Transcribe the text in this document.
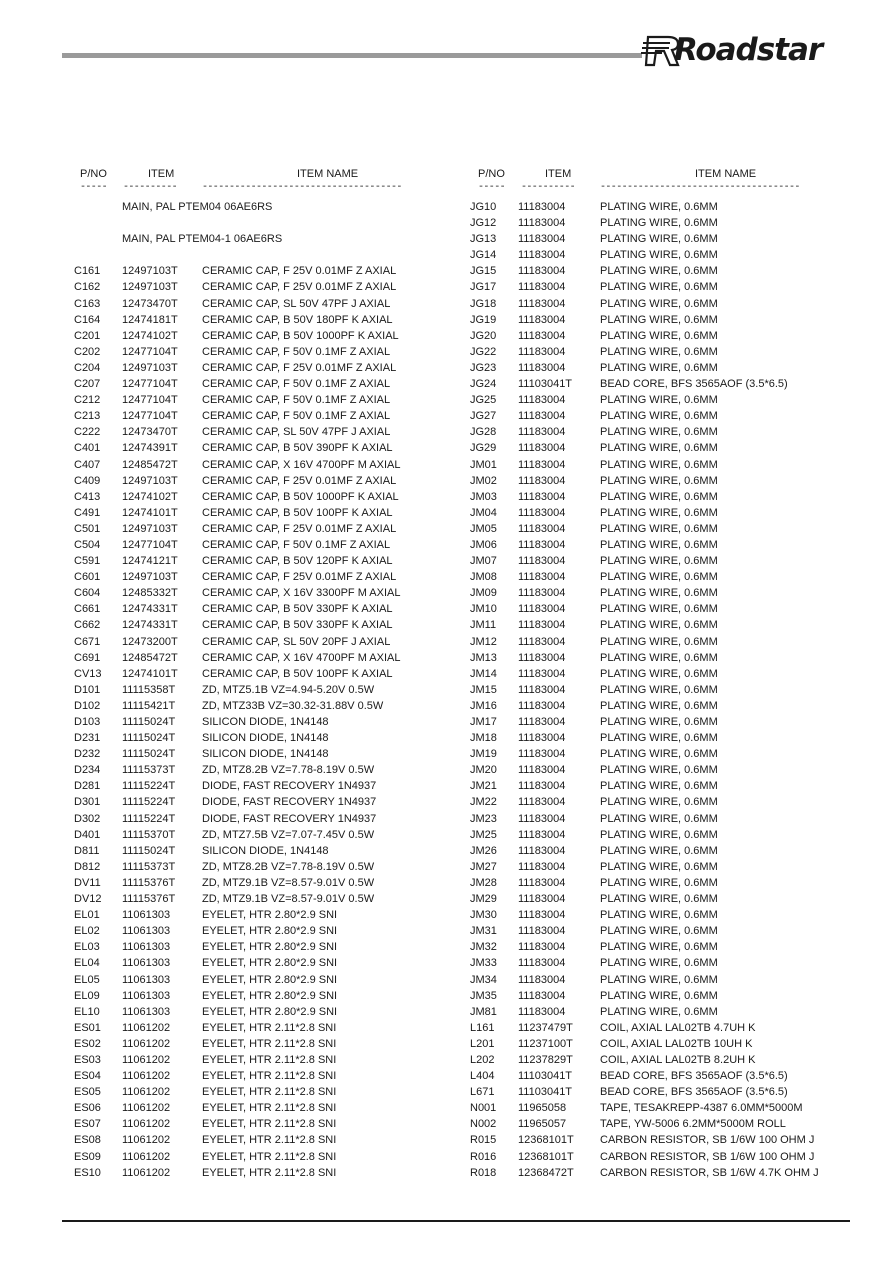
Roadstar
P/NO	ITEM	ITEM NAME
-----	----------	-------------------------------------
P/NO	ITEM	ITEM NAME
-----	----------	-------------------------------------
MAIN, PAL PTEM04 06AE6RS
MAIN, PAL PTEM04-1 06AE6RS
C161 12497103T CERAMIC CAP, F 25V 0.01MF Z AXIAL
C162 12497103T CERAMIC CAP, F 25V 0.01MF Z AXIAL
C163 12473470T CERAMIC CAP, SL 50V 47PF J AXIAL
C164 12474181T CERAMIC CAP, B 50V 180PF K AXIAL
C201 12474102T CERAMIC CAP, B 50V 1000PF K AXIAL
C202 12477104T CERAMIC CAP, F 50V 0.1MF Z AXIAL
C204 12497103T CERAMIC CAP, F 25V 0.01MF Z AXIAL
C207 12477104T CERAMIC CAP, F 50V 0.1MF Z AXIAL
C212 12477104T CERAMIC CAP, F 50V 0.1MF Z AXIAL
C213 12477104T CERAMIC CAP, F 50V 0.1MF Z AXIAL
C222 12473470T CERAMIC CAP, SL 50V 47PF J AXIAL
C401 12474391T CERAMIC CAP, B 50V 390PF K AXIAL
C407 12485472T CERAMIC CAP, X 16V 4700PF M AXIAL
C409 12497103T CERAMIC CAP, F 25V 0.01MF Z AXIAL
C413 12474102T CERAMIC CAP, B 50V 1000PF K AXIAL
C491 12474101T CERAMIC CAP, B 50V 100PF K AXIAL
C501 12497103T CERAMIC CAP, F 25V 0.01MF Z AXIAL
C504 12477104T CERAMIC CAP, F 50V 0.1MF Z AXIAL
C591 12474121T CERAMIC CAP, B 50V 120PF K AXIAL
C601 12497103T CERAMIC CAP, F 25V 0.01MF Z AXIAL
C604 12485332T CERAMIC CAP, X 16V 3300PF M AXIAL
C661 12474331T CERAMIC CAP, B 50V 330PF K AXIAL
C662 12474331T CERAMIC CAP, B 50V 330PF K AXIAL
C671 12473200T CERAMIC CAP, SL 50V 20PF J AXIAL
C691 12485472T CERAMIC CAP, X 16V 4700PF M AXIAL
CV13 12474101T CERAMIC CAP, B 50V 100PF K AXIAL
D101 11115358T ZD, MTZ5.1B VZ=4.94-5.20V 0.5W
D102 11115421T ZD, MTZ33B VZ=30.32-31.88V 0.5W
D103 11115024T SILICON DIODE, 1N4148
D231 11115024T SILICON DIODE, 1N4148
D232 11115024T SILICON DIODE, 1N4148
D234 11115373T ZD, MTZ8.2B VZ=7.78-8.19V 0.5W
D281 11115224T DIODE, FAST RECOVERY 1N4937
D301 11115224T DIODE, FAST RECOVERY 1N4937
D302 11115224T DIODE, FAST RECOVERY 1N4937
D401 11115370T ZD, MTZ7.5B VZ=7.07-7.45V 0.5W
D811 11115024T SILICON DIODE, 1N4148
D812 11115373T ZD, MTZ8.2B VZ=7.78-8.19V 0.5W
DV11 11115376T ZD, MTZ9.1B VZ=8.57-9.01V 0.5W
DV12 11115376T ZD, MTZ9.1B VZ=8.57-9.01V 0.5W
EL01 11061303	EYELET, HTR 2.80*2.9 SNI
EL02 11061303	EYELET, HTR 2.80*2.9 SNI
EL03 11061303	EYELET, HTR 2.80*2.9 SNI
EL04 11061303	EYELET, HTR 2.80*2.9 SNI
EL05 11061303	EYELET, HTR 2.80*2.9 SNI
EL09 11061303	EYELET, HTR 2.80*2.9 SNI
EL10 11061303	EYELET, HTR 2.80*2.9 SNI
ES01 11061202	EYELET, HTR 2.11*2.8 SNI
ES02 11061202	EYELET, HTR 2.11*2.8 SNI
ES03 11061202	EYELET, HTR 2.11*2.8 SNI
ES04 11061202	EYELET, HTR 2.11*2.8 SNI
ES05 11061202	EYELET, HTR 2.11*2.8 SNI
ES06 11061202	EYELET, HTR 2.11*2.8 SNI
ES07 11061202	EYELET, HTR 2.11*2.8 SNI
ES08 11061202	EYELET, HTR 2.11*2.8 SNI
ES09 11061202	EYELET, HTR 2.11*2.8 SNI
ES10 11061202	EYELET, HTR 2.11*2.8 SNI
JG10 11183004	PLATING WIRE, 0.6MM
JG12 11183004	PLATING WIRE, 0.6MM
JG13 11183004	PLATING WIRE, 0.6MM
JG14 11183004	PLATING WIRE, 0.6MM
JG15 11183004	PLATING WIRE, 0.6MM
JG17 11183004	PLATING WIRE, 0.6MM
JG18 11183004	PLATING WIRE, 0.6MM
JG19 11183004	PLATING WIRE, 0.6MM
JG20 11183004	PLATING WIRE, 0.6MM
JG22 11183004	PLATING WIRE, 0.6MM
JG23 11183004	PLATING WIRE, 0.6MM
JG24 11103041T	BEAD CORE, BFS 3565AOF (3.5*6.5)
JG25 11183004	PLATING WIRE, 0.6MM
JG27 11183004	PLATING WIRE, 0.6MM
JG28 11183004	PLATING WIRE, 0.6MM
JG29 11183004	PLATING WIRE, 0.6MM
JM01 11183004	PLATING WIRE, 0.6MM
JM02 11183004	PLATING WIRE, 0.6MM
JM03 11183004	PLATING WIRE, 0.6MM
JM04 11183004	PLATING WIRE, 0.6MM
JM05 11183004	PLATING WIRE, 0.6MM
JM06 11183004	PLATING WIRE, 0.6MM
JM07 11183004	PLATING WIRE, 0.6MM
JM08 11183004	PLATING WIRE, 0.6MM
JM09 11183004	PLATING WIRE, 0.6MM
JM10 11183004	PLATING WIRE, 0.6MM
JM11 11183004	PLATING WIRE, 0.6MM
JM12 11183004	PLATING WIRE, 0.6MM
JM13 11183004	PLATING WIRE, 0.6MM
JM14 11183004	PLATING WIRE, 0.6MM
JM15 11183004	PLATING WIRE, 0.6MM
JM16 11183004	PLATING WIRE, 0.6MM
JM17 11183004	PLATING WIRE, 0.6MM
JM18 11183004	PLATING WIRE, 0.6MM
JM19 11183004	PLATING WIRE, 0.6MM
JM20 11183004	PLATING WIRE, 0.6MM
JM21 11183004	PLATING WIRE, 0.6MM
JM22 11183004	PLATING WIRE, 0.6MM
JM23 11183004	PLATING WIRE, 0.6MM
JM25 11183004	PLATING WIRE, 0.6MM
JM26 11183004	PLATING WIRE, 0.6MM
JM27 11183004	PLATING WIRE, 0.6MM
JM28 11183004	PLATING WIRE, 0.6MM
JM29 11183004	PLATING WIRE, 0.6MM
JM30 11183004	PLATING WIRE, 0.6MM
JM31 11183004	PLATING WIRE, 0.6MM
JM32 11183004	PLATING WIRE, 0.6MM
JM33 11183004	PLATING WIRE, 0.6MM
JM34 11183004	PLATING WIRE, 0.6MM
JM35 11183004	PLATING WIRE, 0.6MM
JM81 11183004	PLATING WIRE, 0.6MM
L161 11237479T COIL, AXIAL LAL02TB 4.7UH K
L201 11237100T COIL, AXIAL LAL02TB 10UH K
L202 11237829T COIL, AXIAL LAL02TB 8.2UH K
L404 11103041T	BEAD CORE, BFS 3565AOF (3.5*6.5)
L671 11103041T	BEAD CORE, BFS 3565AOF (3.5*6.5)
N001 11965058	TAPE, TESAKREPP-4387 6.0MM*5000M
N002 11965057	TAPE, YW-5006 6.2MM*5000M ROLL
R015 12368101T CARBON RESISTOR, SB 1/6W 100 OHM J
R016 12368101T CARBON RESISTOR, SB 1/6W 100 OHM J
R018 12368472T CARBON RESISTOR, SB 1/6W 4.7K OHM J
